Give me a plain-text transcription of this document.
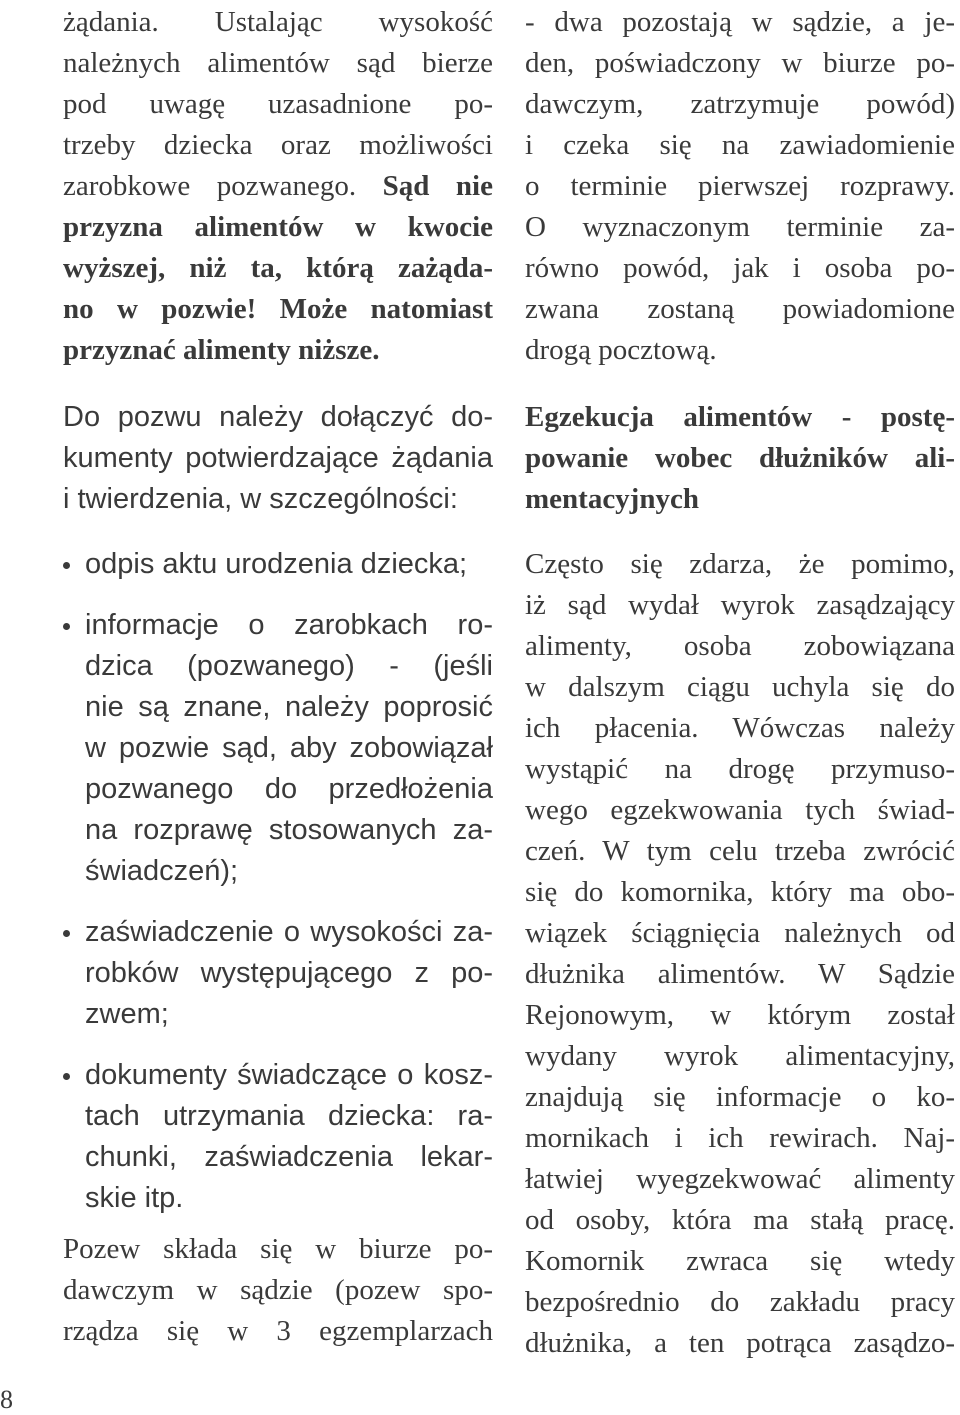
żądania. Ustalając wysokość
należnych alimentów sąd bierze
pod uwagę uzasadnione po-
trzeby dziecka oraz możliwości
zarobkowe pozwanego. Sąd nie
przyzna alimentów w kwocie
wyższej, niż ta, którą zażąda-
no w pozwie! Może natomiast
przyznać alimenty niższe.
Do pozwu należy dołączyć do-
kumenty potwierdzające żądania
i twierdzenia, w szczególności:
odpis aktu urodzenia dziecka;
informacje o zarobkach ro-
dzica (pozwanego) - (jeśli
nie są znane, należy poprosić
w pozwie sąd, aby zobowiązał
pozwanego do przedłożenia
na rozprawę stosowanych za-
świadczeń);
zaświadczenie o wysokości za-
robków występującego z po-
zwem;
dokumenty świadczące o kosz-
tach utrzymania dziecka: ra-
chunki, zaświadczenia lekar-
skie itp.
Pozew składa się w biurze po-
dawczym w sądzie (pozew spo-
rządza się w 3 egzemplarzach
- dwa pozostają w sądzie, a je-
den, poświadczony w biurze po-
dawczym, zatrzymuje powód)
i czeka się na zawiadomienie
o terminie pierwszej rozprawy.
O wyznaczonym terminie za-
równo powód, jak i osoba po-
zwana zostaną powiadomione
drogą pocztową.
Egzekucja alimentów - postę-
powanie wobec dłużników ali-
mentacyjnych
Często się zdarza, że pomimo,
iż sąd wydał wyrok zasądzający
alimenty, osoba zobowiązana
w dalszym ciągu uchyla się do
ich płacenia. Wówczas należy
wystąpić na drogę przymuso-
wego egzekwowania tych świad-
czeń. W tym celu trzeba zwrócić
się do komornika, który ma obo-
wiązek ściągnięcia należnych od
dłużnika alimentów. W Sądzie
Rejonowym, w którym został
wydany wyrok alimentacyjny,
znajdują się informacje o ko-
mornikach i ich rewirach. Naj-
łatwiej wyegzekwować alimenty
od osoby, która ma stałą pracę.
Komornik zwraca się wtedy
bezpośrednio do zakładu pracy
dłużnika, a ten potrąca zasądzo-
8
